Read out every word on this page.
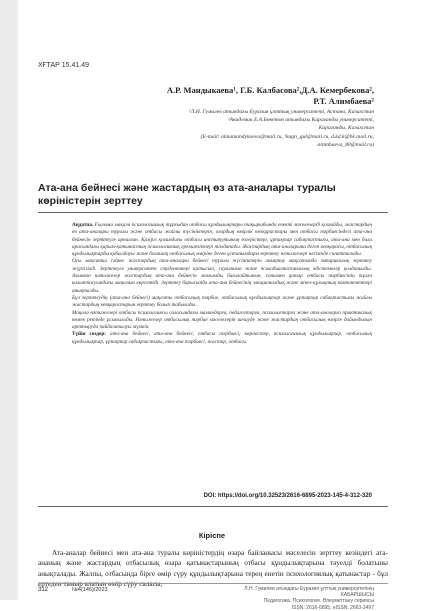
ХҒТАР 15.41.49
А.Р. Мандыкаева¹, Г.Б. Калбасова²,Д.А. Кемербекова²,
Р.Т. Алимбаева²
¹Л.Н. Гумилев атындағы Еуразия ұлттық университеті, Астана, Казахстан
²Академик Е.А.Бөкетов атындағы Карағанды университеті,
Караганды, Казахстан
(E-mail: almamandykaeva@mail.ru, ¹kagn_gul@mail.ru, d.kd.k@bk.mail.ru,
aitimbaeva_80@mail.ru)
Ата-ана бейнесі және жастардың өз ата-аналары туралы көріністерін зерттеу

Аңдатпа. Ғылыми мақала психологиялық тұрғыдан отбасы құндылықтары тақырыбында өзекті мәселелерді қозғайды, жастардың өз ата-аналары туралы және отбасы жайлы түсініктерін, олардың өмірлік көзқарастары мен отбасы тәрбиесіндегі ата-ана бейнесін зерттеуге арналған. Қазіргі қоғамдағы отбасы институтының өзгерістері, ұрпақтар сабақтастығы, ата-ана мен бала арасындағы қарым-қатынастың психологиялық ерекшеліктері талданады. Жастардың ата-аналарына деген көзқарасы, отбасылық құндылықтарды қабылдауы және болашақ отбасылық өміріне деген ұстанымдары зерттеу нәтижелері негізінде сипатталады.

Осы мақсатқа сәйкес жастардың ата-аналары бейнесі туралы түсініктерін анықтау мақсатында эмпирикалық зерттеу жүргізілді. Зерттеуге университет студенттері қатысып, сауалнама және психодиагностикалық әдістемелер қолданылды. Алынған нәтижелер жастардың ата-ана бейнесін жағымды бағалайтынын, сонымен қатар отбасы тәрбиесінің тұлға қалыптасуындағы маңызын көрсетеді. Зерттеу барысында ата-ана бейнесінің эмоционалдық және мінез-құлықтық компоненттері анықталды.

Бұл зерттеудің (ата-ана бейнесі) мақсаты отбасылық тәрбие, отбасылық құндылықтар және ұрпақтар сабақтастығы жайлы жастардың көзқарастарын зерттеу болып табылады.

Мақала нәтижелері отбасы психологиясы саласындағы мамандарға, педагогтарға, психологтарға және ата-аналарға практикалық көмек ретінде ұсынылады. Нәтижелер отбасылық тәрбие мәселелерін шешуде және жастардың отбасылық өмірге дайындығын арттыруда пайдаланылуы мүмкін.

Түйін сөздер: ата-ана бейнесі, ата-ана бейнесі, отбасы тәрбиесі, көріністер, психологиялық құндылықтар, отбасылық құндылықтар, ұрпақтар сабақтастығы, ата-ана тәрбиесі, жастар, отбасы.

DOI: https://doi.org/10.32523/2616-6895-2023-145-4-312-320
Кіріспе

Ата-аналар бейнесі мен ата-ана туралы көріністердің өзара байланысы мәселесін зерттеу кезіндегі ата-ананың және жастардың отбасылық өзара қатынастарының отбасы құндылықтарына тәуелді болатыны анықталады. Жалпы, отбасында бірге өмір сүру құндылықтарына терең енетін психологиялық қатынастар - бұл

312	№4(145)/2023	Л.Н. Гумилев атындағы Еуразия ұлттық университетінің ХАБАРШЫСЫ
Педагогика. Психология. Әлеуметтану сериясы
ISSN: 2616-6895, eISSN: 2663-2497
